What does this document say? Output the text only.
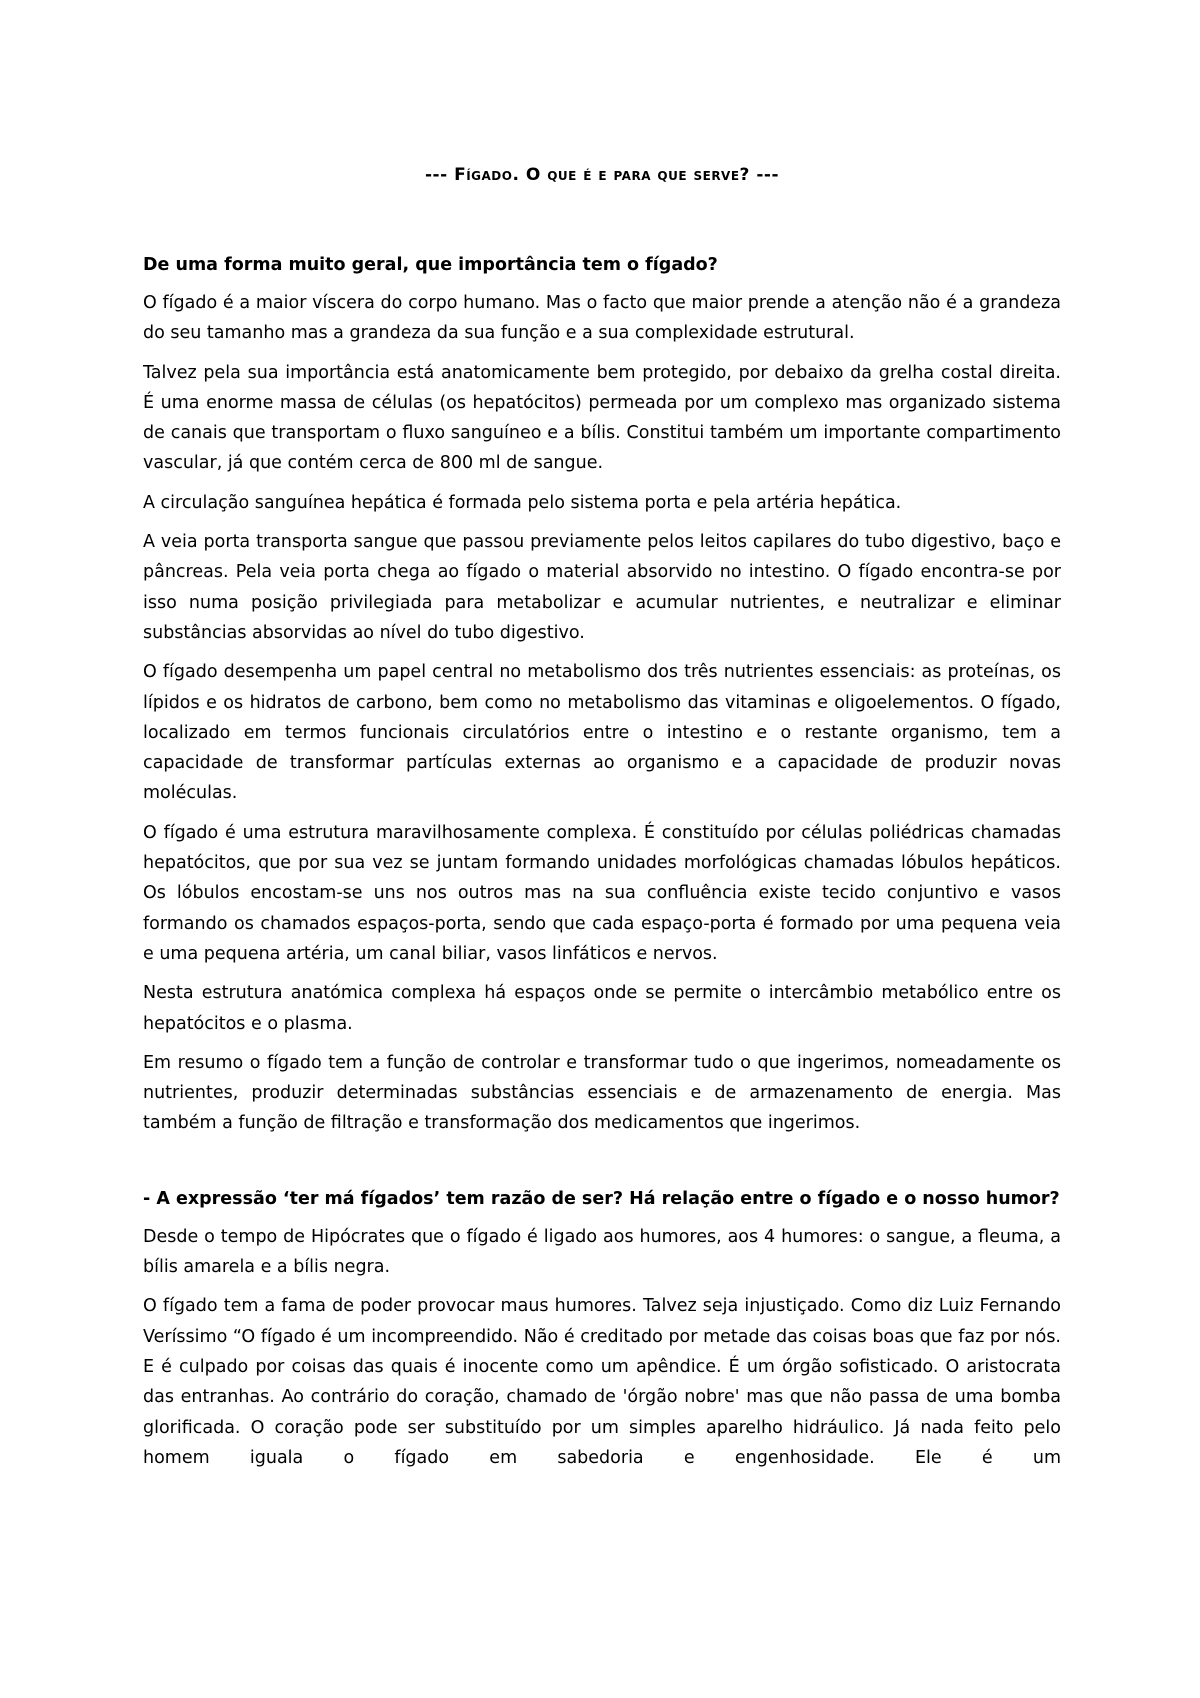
--- Fígado. O que é e para que serve? ---
De uma forma muito geral, que importância tem o fígado?
O fígado é a maior víscera do corpo humano. Mas o facto que maior prende a atenção não é a grandeza do seu tamanho mas a grandeza da sua função e a sua complexidade estrutural.
Talvez pela sua importância está anatomicamente bem protegido, por debaixo da grelha costal direita. É uma enorme massa de células (os hepatócitos) permeada por um complexo mas organizado sistema de canais que transportam o fluxo sanguíneo e a bílis. Constitui também um importante compartimento vascular, já que contém cerca de 800 ml de sangue.
A circulação sanguínea hepática é formada pelo sistema porta e pela artéria hepática.
A veia porta transporta sangue que passou previamente pelos leitos capilares do tubo digestivo, baço e pâncreas. Pela veia porta chega ao fígado o material absorvido no intestino. O fígado encontra-se por isso numa posição privilegiada para metabolizar e acumular nutrientes, e neutralizar e eliminar substâncias absorvidas ao nível do tubo digestivo.
O fígado desempenha um papel central no metabolismo dos três nutrientes essenciais: as proteínas, os lípidos e os hidratos de carbono, bem como no metabolismo das vitaminas e oligoelementos. O fígado, localizado em termos funcionais circulatórios entre o intestino e o restante organismo, tem a capacidade de transformar partículas externas ao organismo e a capacidade de produzir novas moléculas.
O fígado é uma estrutura maravilhosamente complexa. É constituído por células poliédricas chamadas hepatócitos, que por sua vez se juntam formando unidades morfológicas chamadas lóbulos hepáticos. Os lóbulos encostam-se uns nos outros mas na sua confluência existe tecido conjuntivo e vasos formando os chamados espaços-porta, sendo que cada espaço-porta é formado por uma pequena veia e uma pequena artéria, um canal biliar, vasos linfáticos e nervos.
Nesta estrutura anatómica complexa há espaços onde se permite o intercâmbio metabólico entre os hepatócitos e o plasma.
Em resumo o fígado tem a função de controlar e transformar tudo o que ingerimos, nomeadamente os nutrientes, produzir determinadas substâncias essenciais e de armazenamento de energia. Mas também a função de filtração e transformação dos medicamentos que ingerimos.
- A expressão ‘ter má fígados’ tem razão de ser? Há relação entre o fígado e o nosso humor?
Desde o tempo de Hipócrates que o fígado é ligado aos humores, aos 4 humores: o sangue, a fleuma, a bílis amarela e a bílis negra.
O fígado tem a fama de poder provocar maus humores. Talvez seja injustiçado. Como diz Luiz Fernando Veríssimo “O fígado é um incompreendido. Não é creditado por metade das coisas boas que faz por nós. E é culpado por coisas das quais é inocente como um apêndice. É um órgão sofisticado. O aristocrata das entranhas. Ao contrário do coração, chamado de 'órgão nobre' mas que não passa de uma bomba glorificada. O coração pode ser substituído por um simples aparelho hidráulico. Já nada feito pelo homem iguala o fígado em sabedoria e engenhosidade. Ele é um
